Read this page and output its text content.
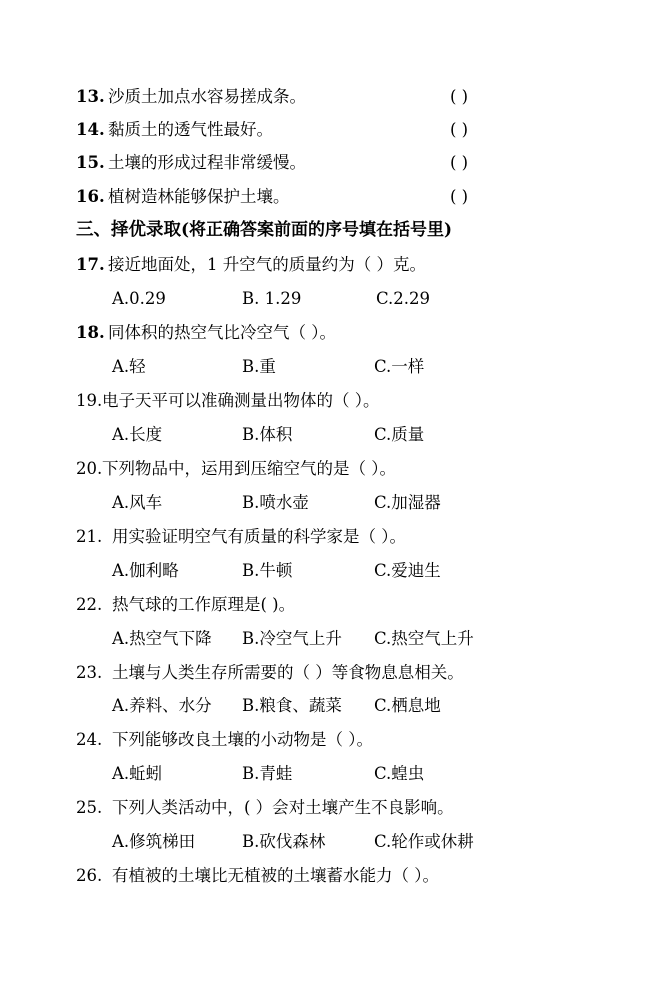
13. 沙质土加点水容易搓成条。	( )
14. 黏质土的透气性最好。	( )
15. 土壤的形成过程非常缓慢。	( )
16. 植树造林能够保护土壤。	( )
三、择优录取(将正确答案前面的序号填在括号里)
17. 接近地面处，1 升空气的质量约为（ ）克。
A.0.29	B. 1.29	C.2.29
18. 同体积的热空气比冷空气（ ）。
A.轻	B.重	C.一样
19. 电子天平可以准确测量出物体的（ ）。
A.长度	B.体积	C.质量
20. 下列物品中，运用到压缩空气的是（ ）。
A.风车	B.喷水壶	C.加湿器
21. 用实验证明空气有质量的科学家是（ ）。
A.伽利略	B.牛顿	C.爱迪生
22. 热气球的工作原理是( )。
A.热空气下降 B.冷空气上升 C.热空气上升
23. 土壤与人类生存所需要的（ ）等食物息息相关。
A.养料、水分 B.粮食、蔬菜 C.栖息地
24. 下列能够改良土壤的小动物是（ ）。
A.蚯蚓	B.青蛙	C.蝗虫
25. 下列人类活动中，( ）会对土壤产生不良影响。
A.修筑梯田	B.砍伐森林	C.轮作或休耕
26. 有植被的土壤比无植被的土壤蓄水能力（ ）。
